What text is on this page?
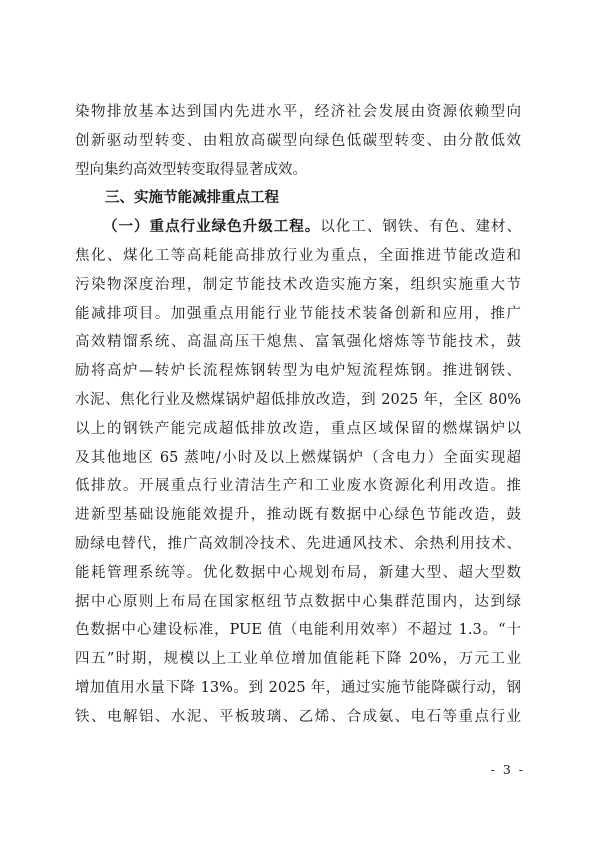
染物排放基本达到国内先进水平，经济社会发展由资源依赖型向
创新驱动型转变、由粗放高碳型向绿色低碳型转变、由分散低效
型向集约高效型转变取得显著成效。
三、实施节能减排重点工程
（一）重点行业绿色升级工程。以化工、钢铁、有色、建材、
焦化、煤化工等高耗能高排放行业为重点，全面推进节能改造和
污染物深度治理，制定节能技术改造实施方案，组织实施重大节
能减排项目。加强重点用能行业节能技术装备创新和应用，推广
高效精馏系统、高温高压干熄焦、富氧强化熔炼等节能技术，鼓
励将高炉—转炉长流程炼钢转型为电炉短流程炼钢。推进钢铁、
水泥、焦化行业及燃煤锅炉超低排放改造，到 2025 年，全区 80%
以上的钢铁产能完成超低排放改造，重点区域保留的燃煤锅炉以
及其他地区 65 蒸吨/小时及以上燃煤锅炉（含电力）全面实现超
低排放。开展重点行业清洁生产和工业废水资源化利用改造。推
进新型基础设施能效提升，推动既有数据中心绿色节能改造，鼓
励绿电替代，推广高效制冷技术、先进通风技术、余热利用技术、
能耗管理系统等。优化数据中心规划布局，新建大型、超大型数
据中心原则上布局在国家枢纽节点数据中心集群范围内，达到绿
色数据中心建设标准，PUE 值（电能利用效率）不超过 1.3。“十
四五”时期，规模以上工业单位增加值能耗下降 20%，万元工业
增加值用水量下降 13%。到 2025 年，通过实施节能降碳行动，钢
铁、电解铝、水泥、平板玻璃、乙烯、合成氨、电石等重点行业
- 3 -
